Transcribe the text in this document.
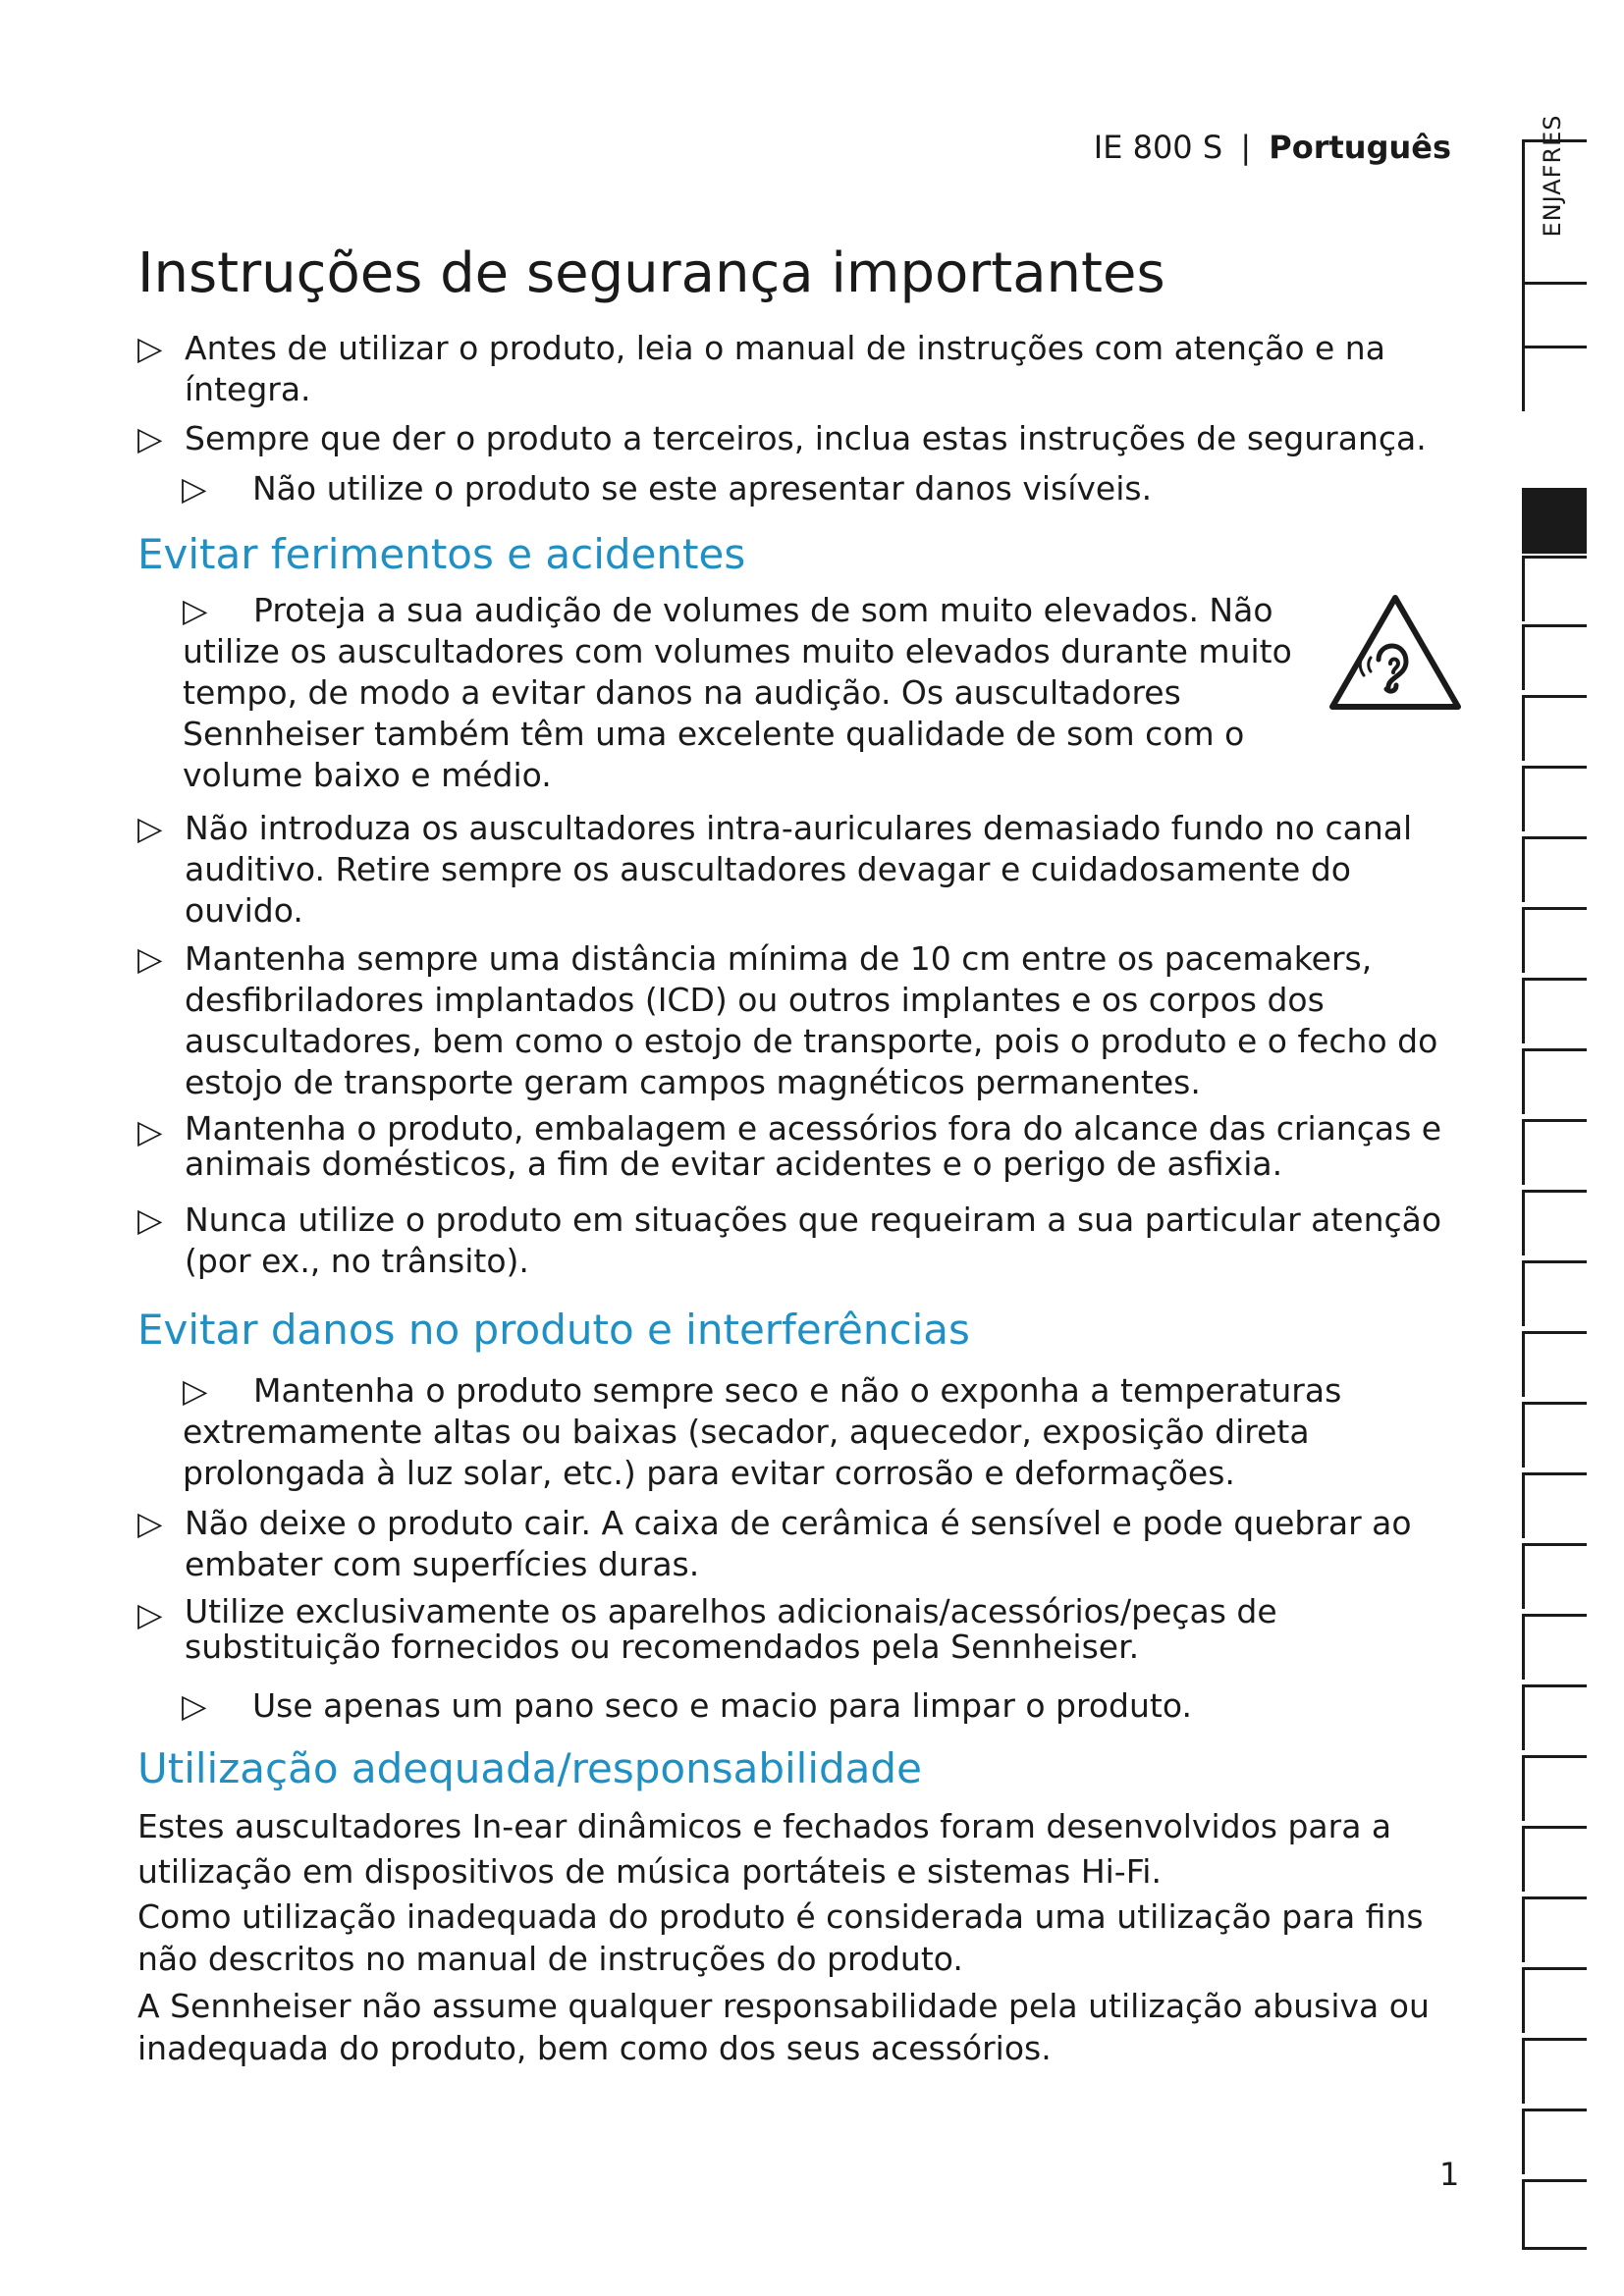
IE 800 S | Português
Instruções de segurança importantes
▷ Antes de utilizar o produto, leia o manual de instruções com atenção e na íntegra.
▷ Sempre que der o produto a terceiros, inclua estas instruções de segurança.
▷	Não utilize o produto se este apresentar danos visíveis.
Evitar ferimentos e acidentes
▷	Proteja a sua audição de volumes de som muito elevados. Não utilize os auscultadores com volumes muito elevados durante muito tempo, de modo a evitar danos na audição. Os auscultadores Sennheiser também têm uma excelente qualidade de som com o volume baixo e médio.
▷ Não introduza os auscultadores intra-auriculares demasiado fundo no canal auditivo. Retire sempre os auscultadores devagar e cuidadosamente do ouvido.
▷ Mantenha sempre uma distância mínima de 10 cm entre os pacemakers, desfibriladores implantados (ICD) ou outros implantes e os corpos dos auscultadores, bem como o estojo de transporte, pois o produto e o fecho do estojo de transporte geram campos magnéticos permanentes.
▷ Mantenha o produto, embalagem e acessórios fora do alcance das crianças e animais domésticos, a fim de evitar acidentes e o perigo de asfixia.
▷ Nunca utilize o produto em situações que requeiram a sua particular atenção (por ex., no trânsito).
Evitar danos no produto e interferências
▷	Mantenha o produto sempre seco e não o exponha a temperaturas extremamente altas ou baixas (secador, aquecedor, exposição direta prolongada à luz solar, etc.) para evitar corrosão e deformações.
▷ Não deixe o produto cair. A caixa de cerâmica é sensível e pode quebrar ao embater com superfícies duras.
▷ Utilize exclusivamente os aparelhos adicionais/acessórios/peças de substituição fornecidos ou recomendados pela Sennheiser.
▷	Use apenas um pano seco e macio para limpar o produto.
Utilização adequada/responsabilidade

Estes auscultadores In-ear dinâmicos e fechados foram desenvolvidos para a utilização em dispositivos de música portáteis e sistemas Hi-Fi.

Como utilização inadequada do produto é considerada uma utilização para fins não descritos no manual de instruções do produto.

A Sennheiser não assume qualquer responsabilidade pela utilização abusiva ou inadequada do produto, bem como dos seus acessórios.

ENJAFRES
1
